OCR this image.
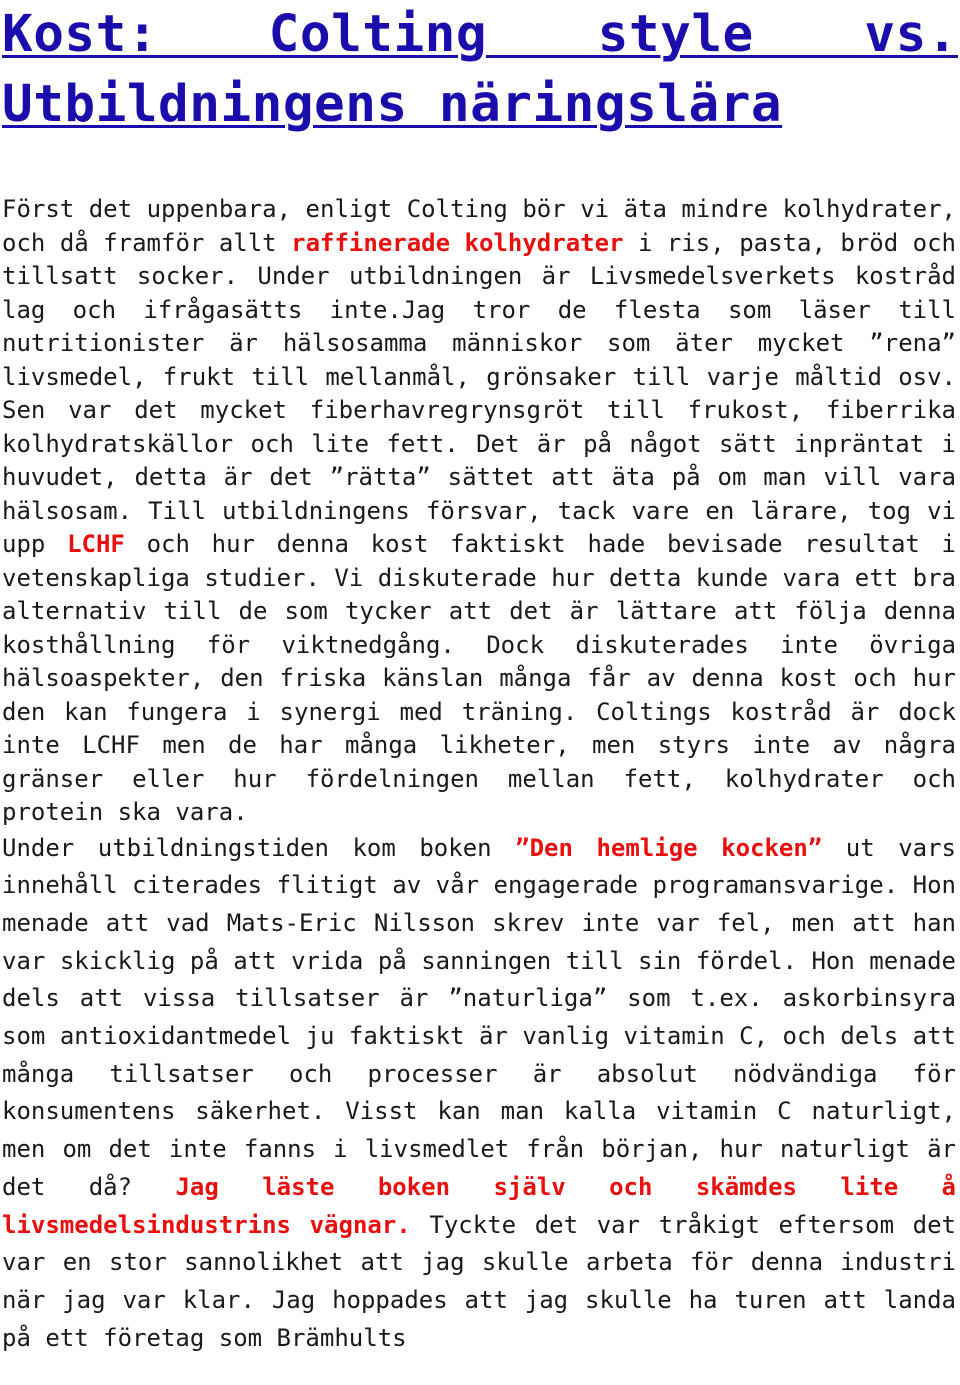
Kost: Colting style vs. Utbildningens näringslära

Först det uppenbara, enligt Colting bör vi äta mindre kolhydrater, och då framför allt raffinerade kolhydrater i ris, pasta, bröd och tillsatt socker. Under utbildningen är Livsmedelsverkets kostråd lag och ifrågasätts inte.Jag tror de flesta som läser till nutritionister är hälsosamma människor som äter mycket ”rena” livsmedel, frukt till mellanmål, grönsaker till varje måltid osv. Sen var det mycket fiberhavregrynsgröt till frukost, fiberrika kolhydratskällor och lite fett. Det är på något sätt inpräntat i huvudet, detta är det ”rätta” sättet att äta på om man vill vara hälsosam. Till utbildningens försvar, tack vare en lärare, tog vi upp LCHF och hur denna kost faktiskt hade bevisade resultat i vetenskapliga studier. Vi diskuterade hur detta kunde vara ett bra alternativ till de som tycker att det är lättare att följa denna kosthållning för viktnedgång. Dock diskuterades inte övriga hälsoaspekter, den friska känslan många får av denna kost och hur den kan fungera i synergi med träning. Coltings kostråd är dock inte LCHF men de har många likheter, men styrs inte av några gränser eller hur fördelningen mellan fett, kolhydrater och protein ska vara.

Under utbildningstiden kom boken ”Den hemlige kocken” ut vars innehåll citerades flitigt av vår engagerade programansvarige. Hon menade att vad Mats-Eric Nilsson skrev inte var fel, men att han var skicklig på att vrida på sanningen till sin fördel. Hon menade dels att vissa tillsatser är ”naturliga” som t.ex. askorbinsyra som antioxidantmedel ju faktiskt är vanlig vitamin C, och dels att många tillsatser och processer är absolut nödvändiga för konsumentens säkerhet. Visst kan man kalla vitamin C naturligt, men om det inte fanns i livsmedlet från början, hur naturligt är det då? Jag läste boken själv och skämdes lite å livsmedelsindustrins vägnar. Tyckte det var tråkigt eftersom det var en stor sannolikhet att jag skulle arbeta för denna industri när jag var klar. Jag hoppades att jag skulle ha turen att landa på ett företag som Brämhults
